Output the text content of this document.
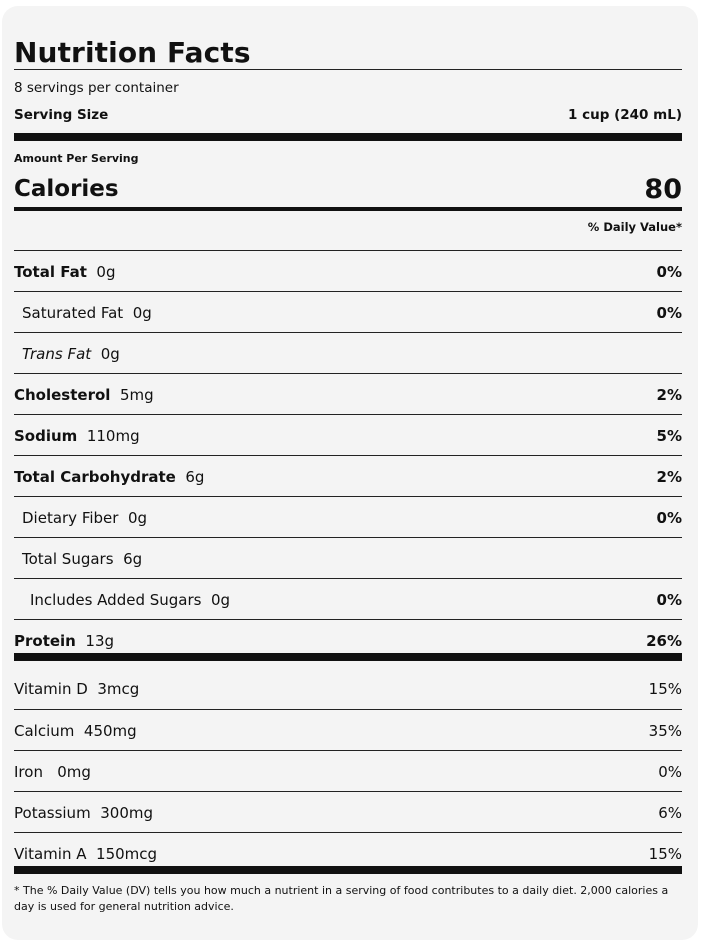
Nutrition Facts
8 servings per container
Serving Size	1 cup (240 mL)
Amount Per Serving
Calories	80
% Daily Value*
Total Fat 0g	0%
Saturated Fat 0g	0%
Trans Fat 0g
Cholesterol 5mg	2%
Sodium 110mg	5%
Total Carbohydrate 6g	2%
Dietary Fiber 0g	0%
Total Sugars 6g
Includes Added Sugars 0g	0%
Protein 13g	26%
Vitamin D 3mcg	15%
Calcium 450mg	35%
Iron 0mg	0%
Potassium 300mg	6%
Vitamin A 150mcg	15%
* The % Daily Value (DV) tells you how much a nutrient in a serving of food contributes to a daily diet. 2,000 calories a day is used for general nutrition advice.
